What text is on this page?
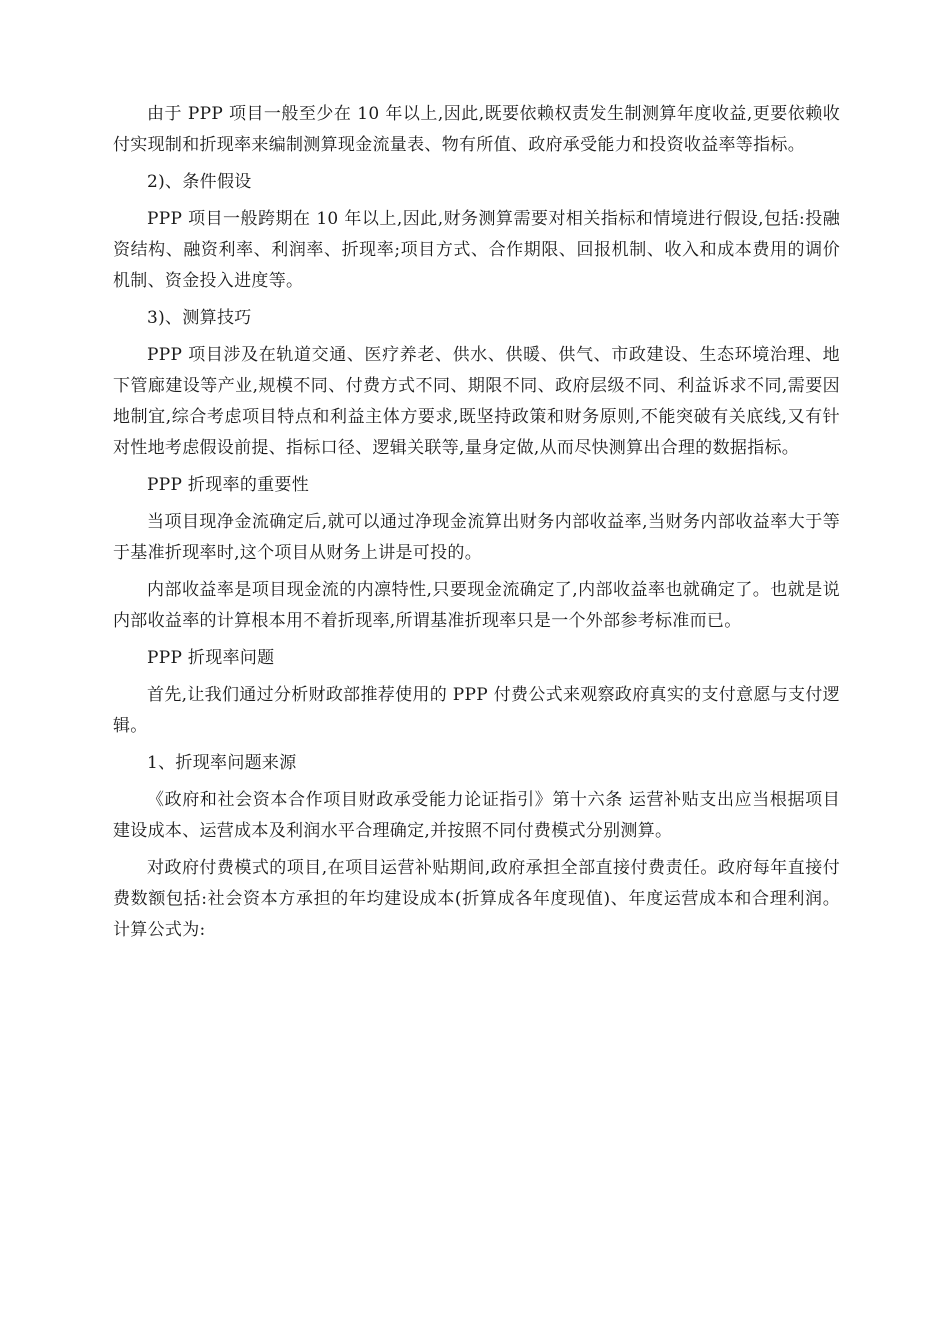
由于 PPP 项目一般至少在 10 年以上,因此,既要依赖权责发生制测算年度收益,更要依赖收付实现制和折现率来编制测算现金流量表、物有所值、政府承受能力和投资收益率等指标。

2)、条件假设

PPP 项目一般跨期在 10 年以上,因此,财务测算需要对相关指标和情境进行假设,包括:投融资结构、融资利率、利润率、折现率;项目方式、合作期限、回报机制、收入和成本费用的调价机制、资金投入进度等。

3)、测算技巧

PPP 项目涉及在轨道交通、医疗养老、供水、供暖、供气、市政建设、生态环境治理、地下管廊建设等产业,规模不同、付费方式不同、期限不同、政府层级不同、利益诉求不同,需要因地制宜,综合考虑项目特点和利益主体方要求,既坚持政策和财务原则,不能突破有关底线,又有针对性地考虑假设前提、指标口径、逻辑关联等,量身定做,从而尽快测算出合理的数据指标。

PPP 折现率的重要性

当项目现净金流确定后,就可以通过净现金流算出财务内部收益率,当财务内部收益率大于等于基准折现率时,这个项目从财务上讲是可投的。

内部收益率是项目现金流的内凛特性,只要现金流确定了,内部收益率也就确定了。也就是说内部收益率的计算根本用不着折现率,所谓基准折现率只是一个外部参考标准而已。

PPP 折现率问题

首先,让我们通过分析财政部推荐使用的 PPP 付费公式来观察政府真实的支付意愿与支付逻辑。

1、折现率问题来源

《政府和社会资本合作项目财政承受能力论证指引》第十六条 运营补贴支出应当根据项目建设成本、运营成本及利润水平合理确定,并按照不同付费模式分别测算。

对政府付费模式的项目,在项目运营补贴期间,政府承担全部直接付费责任。政府每年直接付费数额包括:社会资本方承担的年均建设成本(折算成各年度现值)、年度运营成本和合理利润。计算公式为:
